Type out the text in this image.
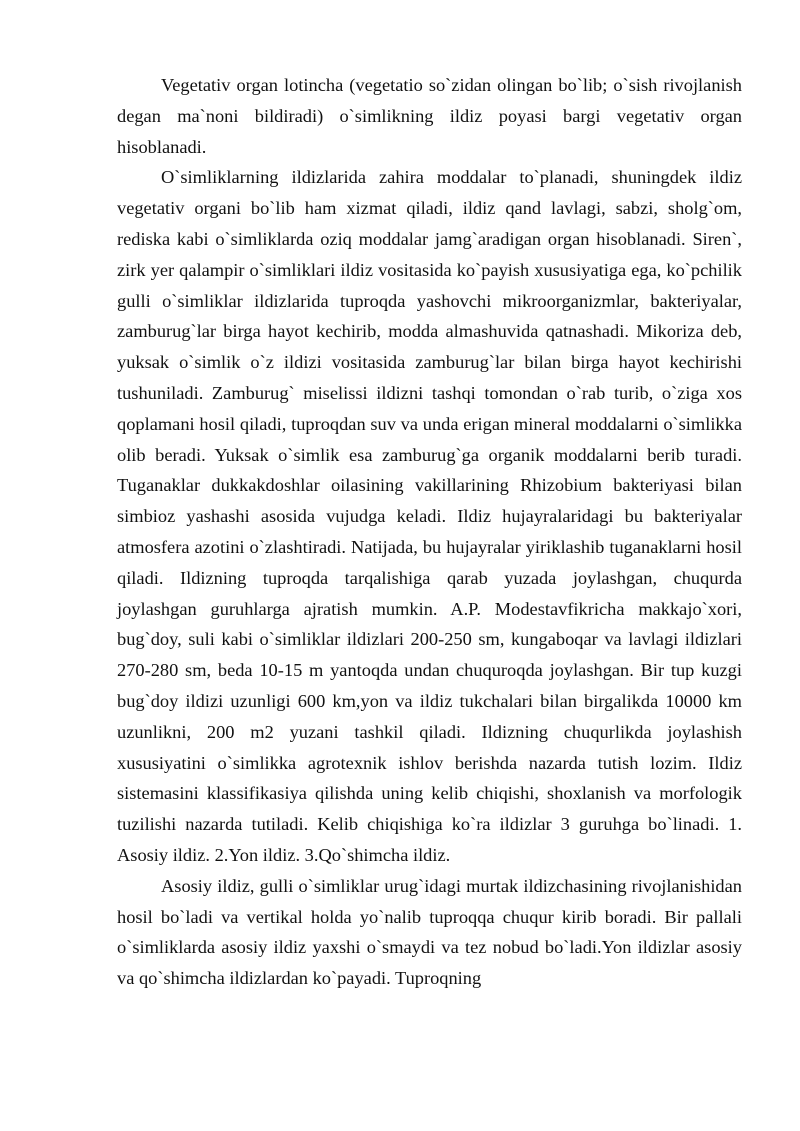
Vegetativ organ lotincha (vegetatio so`zidan olingan bo`lib; o`sish rivojlanish degan ma`noni bildiradi) o`simlikning ildiz poyasi bargi vegetativ organ hisoblanadi.

O`simliklarning ildizlarida zahira moddalar to`planadi, shuningdek ildiz vegetativ organi bo`lib ham xizmat qiladi, ildiz qand lavlagi, sabzi, sholg`om, rediska kabi o`simliklarda oziq moddalar jamg`aradigan organ hisoblanadi. Siren`, zirk yer qalampir o`simliklari ildiz vositasida ko`payish xususiyatiga ega, ko`pchilik gulli o`simliklar ildizlarida tuproqda yashovchi mikroorganizmlar, bakteriyalar, zamburug`lar birga hayot kechirib, modda almashuvida qatnashadi. Mikoriza deb, yuksak o`simlik o`z ildizi vositasida zamburug`lar bilan birga hayot kechirishi tushuniladi. Zamburug` miselissi ildizni tashqi tomondan o`rab turib, o`ziga xos qoplamani hosil qiladi, tuproqdan suv va unda erigan mineral moddalarni o`simlikka olib beradi. Yuksak o`simlik esa zamburug`ga organik moddalarni berib turadi. Tuganaklar dukkakdoshlar oilasining vakillarining Rhizobium bakteriyasi bilan simbioz yashashi asosida vujudga keladi. Ildiz hujayralaridagi bu bakteriyalar atmosfera azotini o`zlashtiradi. Natijada, bu hujayralar yiriklashib tuganaklarni hosil qiladi. Ildizning tuproqda tarqalishiga qarab yuzada joylashgan, chuqurda joylashgan guruhlarga ajratish mumkin. A.P. Modestavfikricha makkajo`xori, bug`doy, suli kabi o`simliklar ildizlari 200-250 sm, kungaboqar va lavlagi ildizlari 270-280 sm, beda 10-15 m yantoqda undan chuquroqda joylashgan. Bir tup kuzgi bug`doy ildizi uzunligi 600 km,yon va ildiz tukchalari bilan birgalikda 10000 km uzunlikni, 200 m2 yuzani tashkil qiladi. Ildizning chuqurlikda joylashish xususiyatini o`simlikka agrotexnik ishlov berishda nazarda tutish lozim. Ildiz sistemasini klassifikasiya qilishda uning kelib chiqishi, shoxlanish va morfologik tuzilishi nazarda tutiladi. Kelib chiqishiga ko`ra ildizlar 3 guruhga bo`linadi. 1. Asosiy ildiz. 2.Yon ildiz. 3.Qo`shimcha ildiz.

Asosiy ildiz, gulli o`simliklar urug`idagi murtak ildizchasining rivojlanishidan hosil bo`ladi va vertikal holda yo`nalib tuproqqa chuqur kirib boradi. Bir pallali o`simliklarda asosiy ildiz yaxshi o`smaydi va tez nobud bo`ladi.Yon ildizlar asosiy va qo`shimcha ildizlardan ko`payadi. Tuproqning
